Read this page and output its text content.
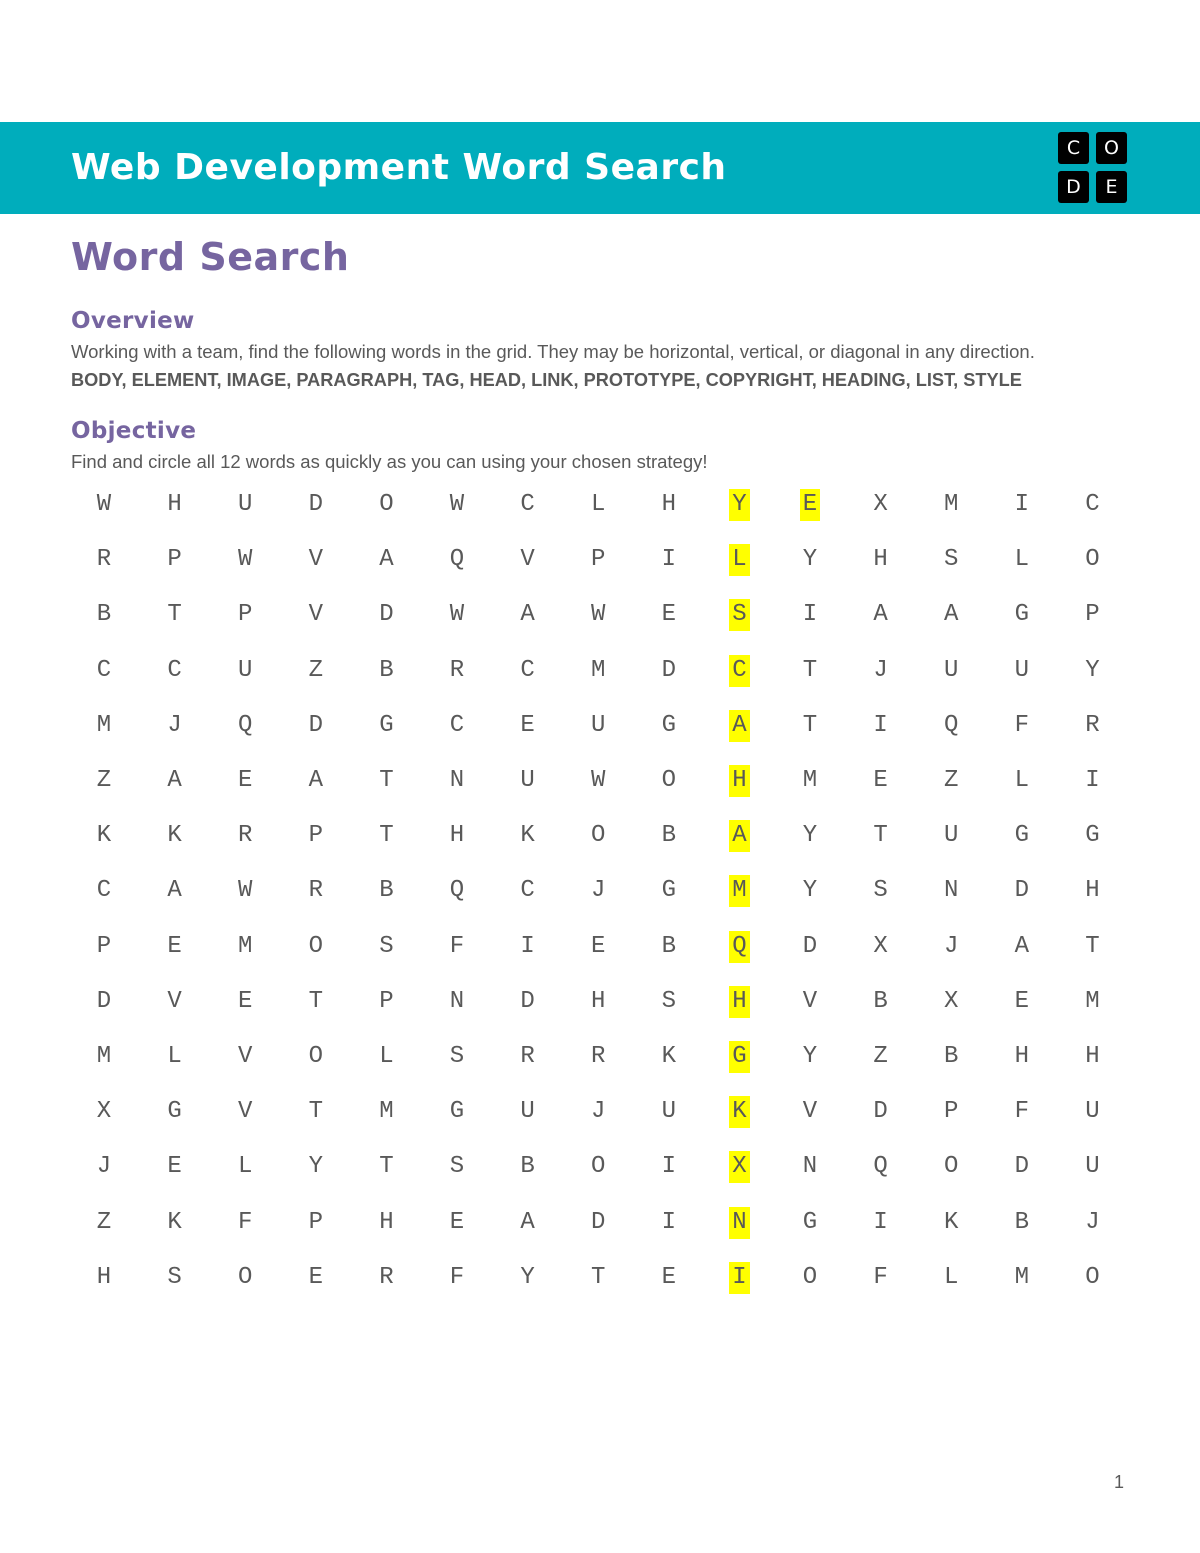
Web Development Word Search	C	O
D	E
Word Search
Overview
Working with a team, find the following words in the grid. They may be horizontal, vertical, or diagonal in any direction.
BODY, ELEMENT, IMAGE, PARAGRAPH, TAG, HEAD, LINK, PROTOTYPE, COPYRIGHT, HEADING, LIST, STYLE
Objective
Find and circle all 12 words as quickly as you can using your chosen strategy!
W H U D O W C L H Y E X M I C
R P W V A Q V P I L Y H S L O
B T P V D W A W E S I A A G P
C C U Z B R C M D C T J U U Y
M J Q D G C E U G A T I Q F R
Z A E A T N U W O H M E Z L I
K K R P T H K O B A Y T U G G
C A W R B Q C J G M Y S N D H
P E M O S F I E B Q D X J A T
D V E T P N D H S H V B X E M
M L V O L S R R K G Y Z B H H
X G V T M G U J U K V D P F U
J E L Y T S B O I X N Q O D U
Z K F P H E A D I N G I K B J
H S O E R F Y T E I O F L M O
1
